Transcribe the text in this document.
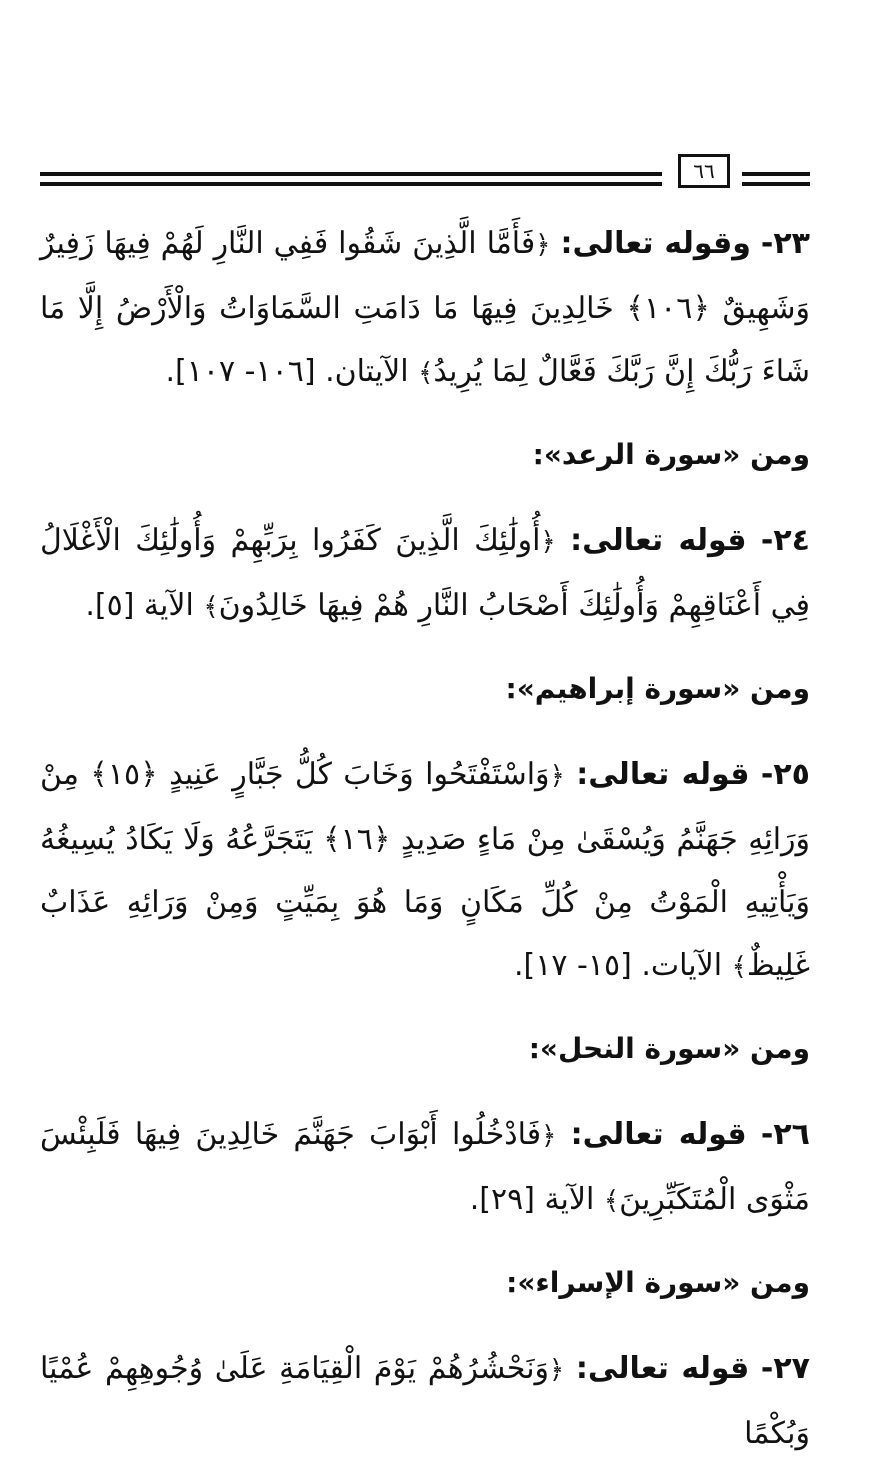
٦٦

٢٣- وقوله تعالى: ﴿فَأَمَّا الَّذِينَ شَقُوا فَفِي النَّارِ لَهُمْ فِيهَا زَفِيرٌ وَشَهِيقٌ ﴿١٠٦﴾ خَالِدِينَ فِيهَا مَا دَامَتِ السَّمَاوَاتُ وَالْأَرْضُ إِلَّا مَا شَاءَ رَبُّكَ إِنَّ رَبَّكَ فَعَّالٌ لِمَا يُرِيدُ﴾ الآيتان. [١٠٦- ١٠٧].

ومن «سورة الرعد»:

٢٤- قوله تعالى: ﴿أُولَٰئِكَ الَّذِينَ كَفَرُوا بِرَبِّهِمْ وَأُولَٰئِكَ الْأَغْلَالُ فِي أَعْنَاقِهِمْ وَأُولَٰئِكَ أَصْحَابُ النَّارِ هُمْ فِيهَا خَالِدُونَ﴾ الآية [٥].

ومن «سورة إبراهيم»:

٢٥- قوله تعالى: ﴿وَاسْتَفْتَحُوا وَخَابَ كُلُّ جَبَّارٍ عَنِيدٍ ﴿١٥﴾ مِنْ وَرَائِهِ جَهَنَّمُ وَيُسْقَىٰ مِنْ مَاءٍ صَدِيدٍ ﴿١٦﴾ يَتَجَرَّعُهُ وَلَا يَكَادُ يُسِيغُهُ وَيَأْتِيهِ الْمَوْتُ مِنْ كُلِّ مَكَانٍ وَمَا هُوَ بِمَيِّتٍ وَمِنْ وَرَائِهِ عَذَابٌ غَلِيظٌ﴾ الآيات. [١٥- ١٧].

ومن «سورة النحل»:

٢٦- قوله تعالى: ﴿فَادْخُلُوا أَبْوَابَ جَهَنَّمَ خَالِدِينَ فِيهَا فَلَبِئْسَ مَثْوَى الْمُتَكَبِّرِينَ﴾ الآية [٢٩].

ومن «سورة الإسراء»:

٢٧- قوله تعالى: ﴿وَنَحْشُرُهُمْ يَوْمَ الْقِيَامَةِ عَلَىٰ وُجُوهِهِمْ عُمْيًا وَبُكْمًا
